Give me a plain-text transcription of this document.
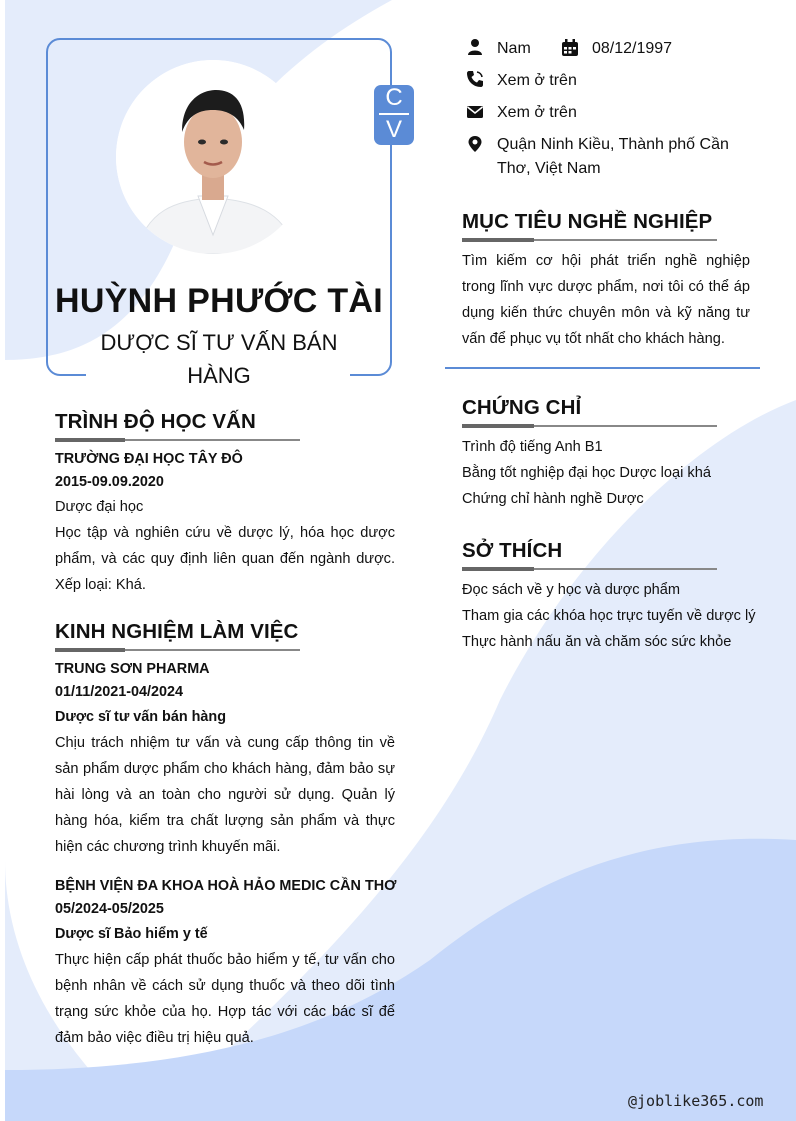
C
V
HUỲNH PHƯỚC TÀI
DƯỢC SĨ TƯ VẤN BÁN HÀNG
Nam	08/12/1997
Xem ở trên
Xem ở trên
Quận Ninh Kiều, Thành phố Cần Thơ, Việt Nam
MỤC TIÊU NGHỀ NGHIỆP
Tìm kiếm cơ hội phát triển nghề nghiệp trong lĩnh vực dược phẩm, nơi tôi có thể áp dụng kiến thức chuyên môn và kỹ năng tư vấn để phục vụ tốt nhất cho khách hàng.
CHỨNG CHỈ
Trình độ tiếng Anh B1
Bằng tốt nghiệp đại học Dược loại khá
Chứng chỉ hành nghề Dược
SỞ THÍCH
Đọc sách về y học và dược phẩm
Tham gia các khóa học trực tuyến về dược lý
Thực hành nấu ăn và chăm sóc sức khỏe
TRÌNH ĐỘ HỌC VẤN
TRƯỜNG ĐẠI HỌC TÂY ĐÔ
2015-09.09.2020
Dược đại học
Học tập và nghiên cứu về dược lý, hóa học dược phẩm, và các quy định liên quan đến ngành dược. Xếp loại: Khá.
KINH NGHIỆM LÀM VIỆC
TRUNG SƠN PHARMA
01/11/2021-04/2024
Dược sĩ tư vấn bán hàng
Chịu trách nhiệm tư vấn và cung cấp thông tin về sản phẩm dược phẩm cho khách hàng, đảm bảo sự hài lòng và an toàn cho người sử dụng. Quản lý hàng hóa, kiểm tra chất lượng sản phẩm và thực hiện các chương trình khuyến mãi.
BỆNH VIỆN ĐA KHOA HOÀ HẢO MEDIC CẦN THƠ
05/2024-05/2025
Dược sĩ Bảo hiểm y tế
Thực hiện cấp phát thuốc bảo hiểm y tế, tư vấn cho bệnh nhân về cách sử dụng thuốc và theo dõi tình trạng sức khỏe của họ. Hợp tác với các bác sĩ để đảm bảo việc điều trị hiệu quả.
@joblike365.com
